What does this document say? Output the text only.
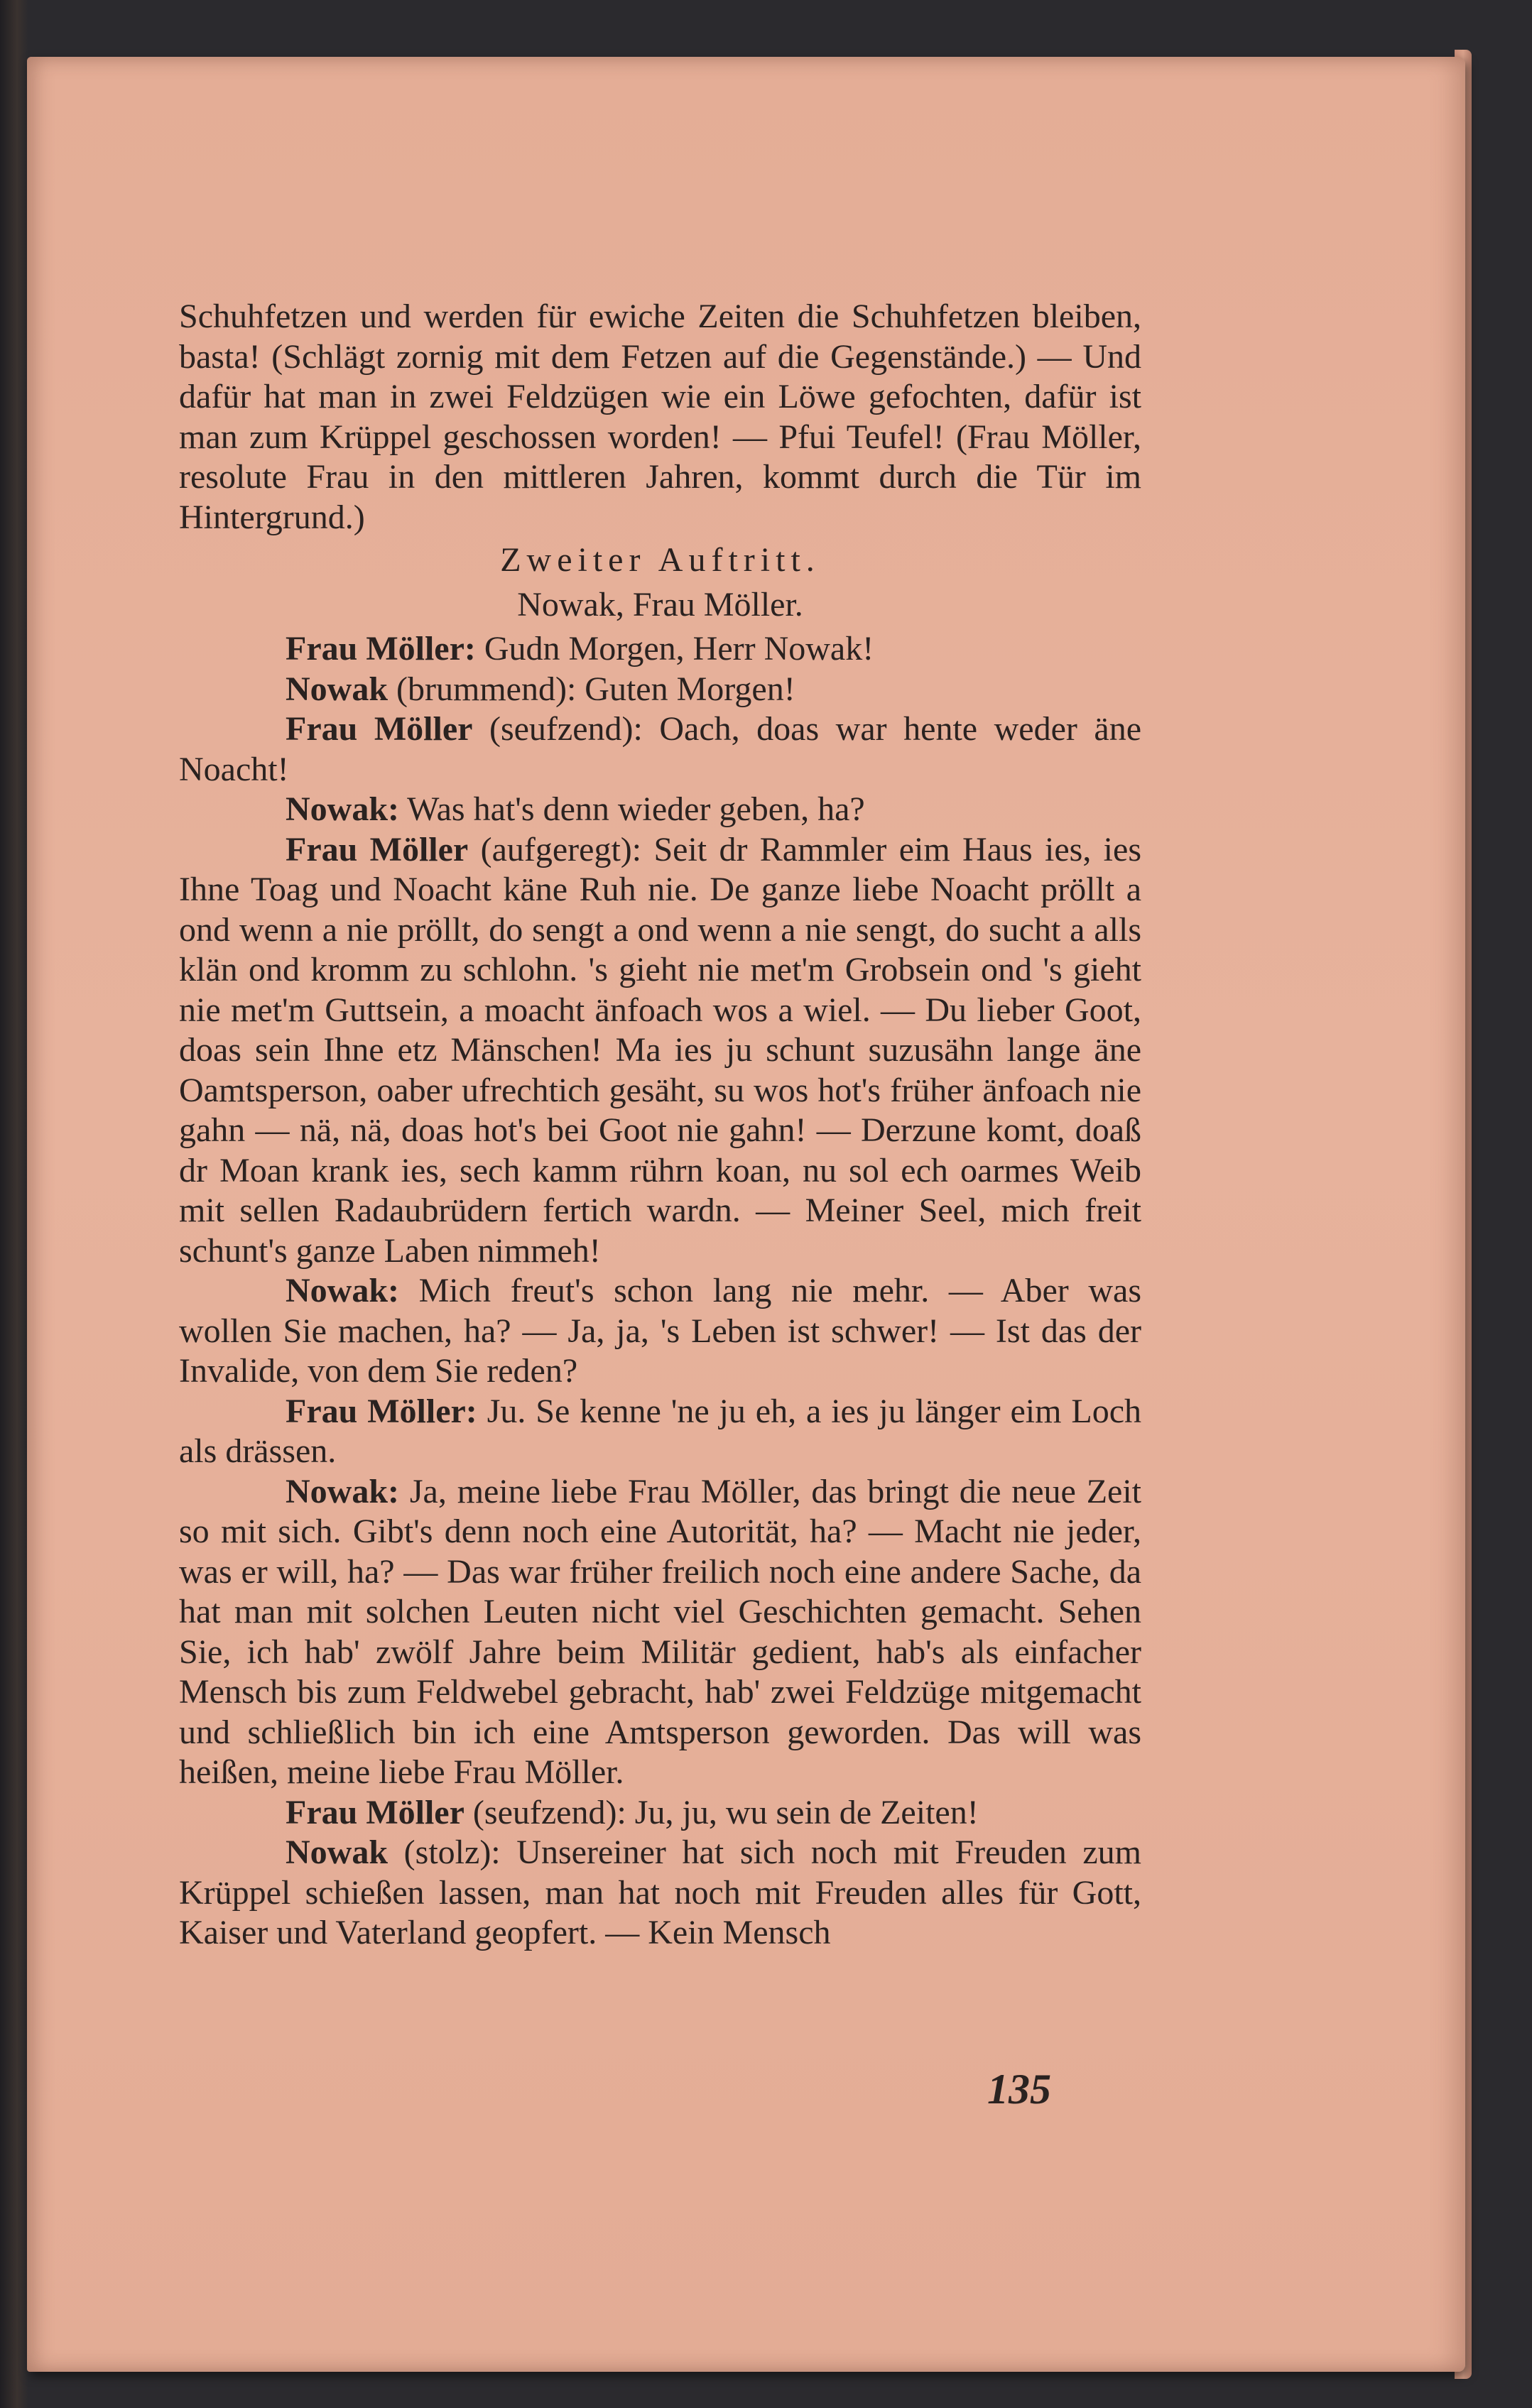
Schuhfetzen und werden für ewiche Zeiten die Schuhfetzen bleiben, basta! (Schlägt zornig mit dem Fetzen auf die Gegenstände.) — Und dafür hat man in zwei Feldzügen wie ein Löwe gefochten, dafür ist man zum Krüppel geschossen worden! — Pfui Teufel! (Frau Möller, resolute Frau in den mittleren Jahren, kommt durch die Tür im Hintergrund.)

Zweiter Auftritt.

Nowak, Frau Möller.

Frau Möller: Gudn Morgen, Herr Nowak!

Nowak (brummend): Guten Morgen!

Frau Möller (seufzend): Oach, doas war hente weder äne Noacht!

Nowak: Was hat's denn wieder geben, ha?

Frau Möller (aufgeregt): Seit dr Rammler eim Haus ies, ies Ihne Toag und Noacht käne Ruh nie. De ganze liebe Noacht pröllt a ond wenn a nie pröllt, do sengt a ond wenn a nie sengt, do sucht a alls klän ond kromm zu schlohn. 's gieht nie met'm Grobsein ond 's gieht nie met'm Guttsein, a moacht änfoach wos a wiel. — Du lieber Goot, doas sein Ihne etz Mänschen! Ma ies ju schunt suzusähn lange äne Oamtsperson, oaber ufrechtich gesäht, su wos hot's früher änfoach nie gahn — nä, nä, doas hot's bei Goot nie gahn! — Derzune komt, doaß dr Moan krank ies, sech kamm rührn koan, nu sol ech oarmes Weib mit sellen Radaubrüdern fertich wardn. — Meiner Seel, mich freit schunt's ganze Laben nimmeh!

Nowak: Mich freut's schon lang nie mehr. — Aber was wollen Sie machen, ha? — Ja, ja, 's Leben ist schwer! — Ist das der Invalide, von dem Sie reden?

Frau Möller: Ju. Se kenne 'ne ju eh, a ies ju länger eim Loch als drässen.

Nowak: Ja, meine liebe Frau Möller, das bringt die neue Zeit so mit sich. Gibt's denn noch eine Autorität, ha? — Macht nie jeder, was er will, ha? — Das war früher freilich noch eine andere Sache, da hat man mit solchen Leuten nicht viel Geschichten gemacht. Sehen Sie, ich hab' zwölf Jahre beim Militär gedient, hab's als einfacher Mensch bis zum Feldwebel gebracht, hab' zwei Feldzüge mitgemacht und schließlich bin ich eine Amtsperson geworden. Das will was heißen, meine liebe Frau Möller.

Frau Möller (seufzend): Ju, ju, wu sein de Zeiten!

Nowak (stolz): Unsereiner hat sich noch mit Freuden zum Krüppel schießen lassen, man hat noch mit Freuden alles für Gott, Kaiser und Vaterland geopfert. — Kein Mensch

135
